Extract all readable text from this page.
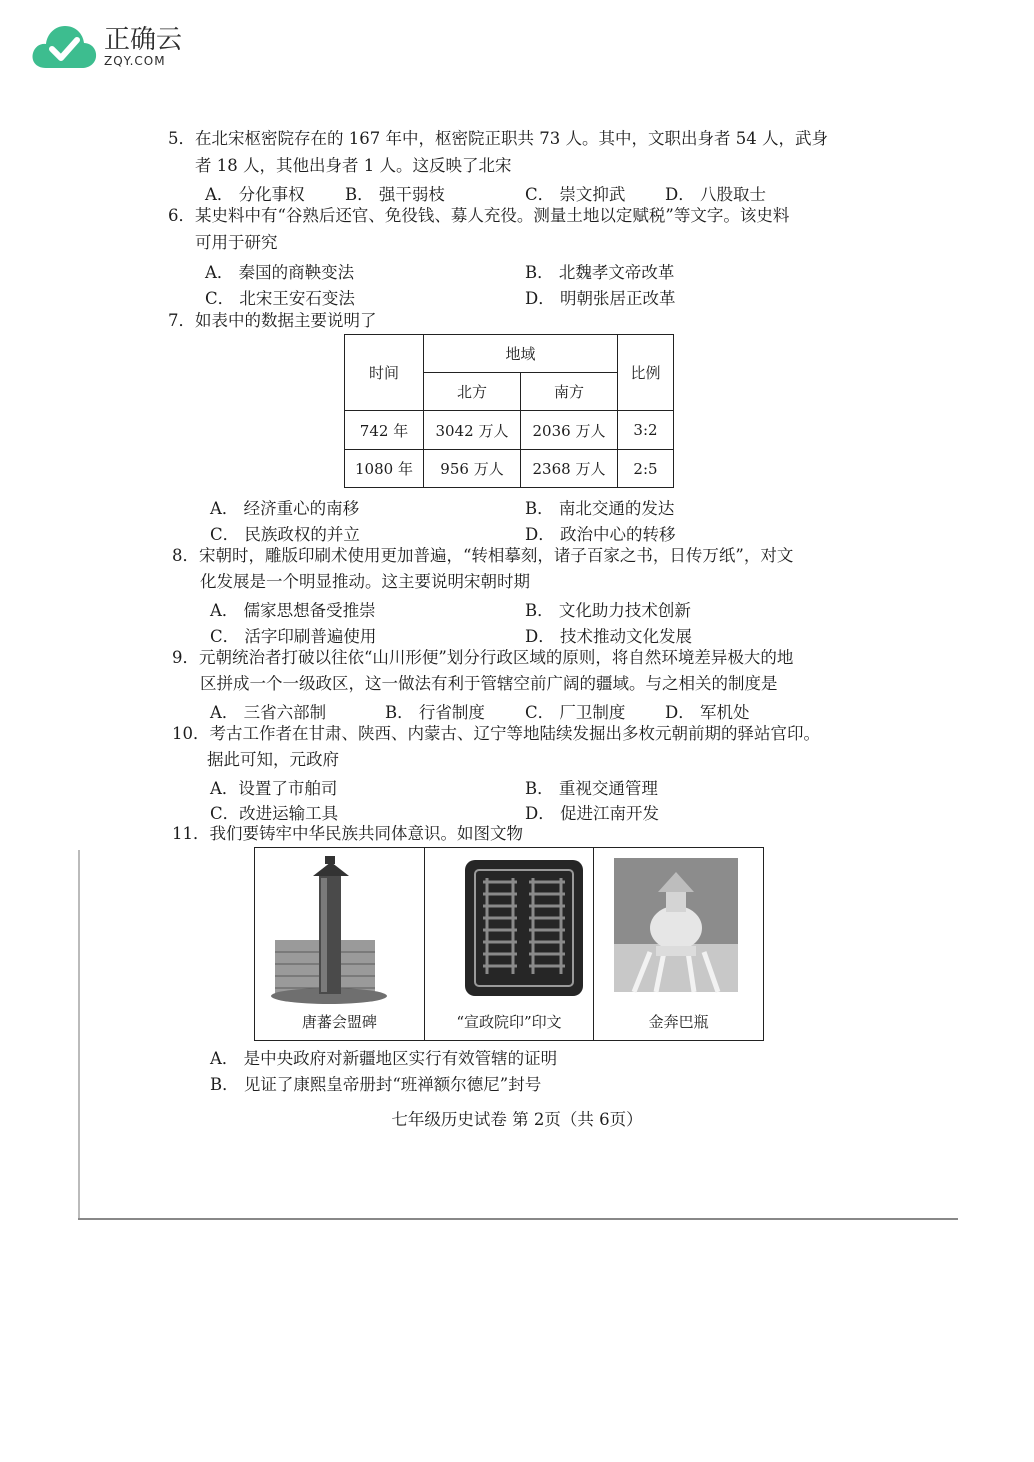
正确云
ZQY.COM
5．在北宋枢密院存在的 167 年中，枢密院正职共 73 人。其中，文职出身者 54 人，武身
者 18 人，其他出身者 1 人。这反映了北宋
A． 分化事权 B． 强干弱枝	C． 崇文抑武 D． 八股取士
6．某史料中有“谷熟后还官、免役钱、募人充役。测量土地以定赋税”等文字。该史料
可用于研究
A． 秦国的商鞅变法	B． 北魏孝文帝改革
C． 北宋王安石变法	D． 明朝张居正改革
7．如表中的数据主要说明了
时间	地域		比例
	北方	南方	
742 年	3042 万人	2036 万人	3:2
1080 年	956 万人	2368 万人	2:5
A． 经济重心的南移	B． 南北交通的发达
C． 民族政权的并立	D． 政治中心的转移
8．宋朝时，雕版印刷术使用更加普遍，“转相摹刻，诸子百家之书，日传万纸”，对文
化发展是一个明显推动。这主要说明宋朝时期
A． 儒家思想备受推崇	B． 文化助力技术创新
C． 活字印刷普遍使用	D． 技术推动文化发展
9．元朝统治者打破以往依“山川形便”划分行政区域的原则，将自然环境差异极大的地
区拼成一个一级政区，这一做法有利于管辖空前广阔的疆域。与之相关的制度是
A． 三省六部制	B． 行省制度 C． 厂卫制度 D． 军机处
10．考古工作者在甘肃、陕西、内蒙古、辽宁等地陆续发掘出多枚元朝前期的驿站官印。
据此可知，元政府
A．设置了市舶司	B． 重视交通管理
C．改进运输工具	D． 促进江南开发
11．我们要铸牢中华民族共同体意识。如图文物
唐蕃会盟碑	“宣政院印”印文	金奔巴瓶
A． 是中央政府对新疆地区实行有效管辖的证明
B． 见证了康熙皇帝册封“班禅额尔德尼”封号
七年级历史试卷 第 2页（共 6页）
